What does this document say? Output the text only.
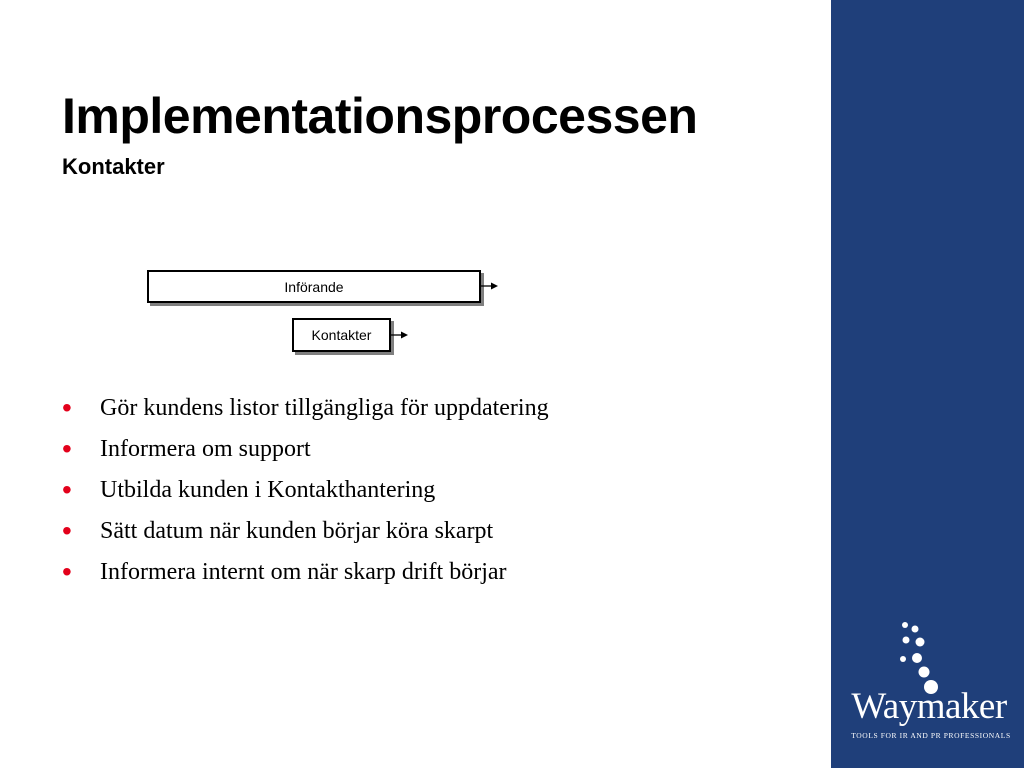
Implementationsprocessen
Kontakter
Införande
Kontakter
• Gör kundens listor tillgängliga för uppdatering
• Informera om support
• Utbilda kunden i Kontakthantering
• Sätt datum när kunden börjar köra skarpt
• Informera internt om när skarp drift börjar
Waymaker
TOOLS FOR IR AND PR PROFESSIONALS
